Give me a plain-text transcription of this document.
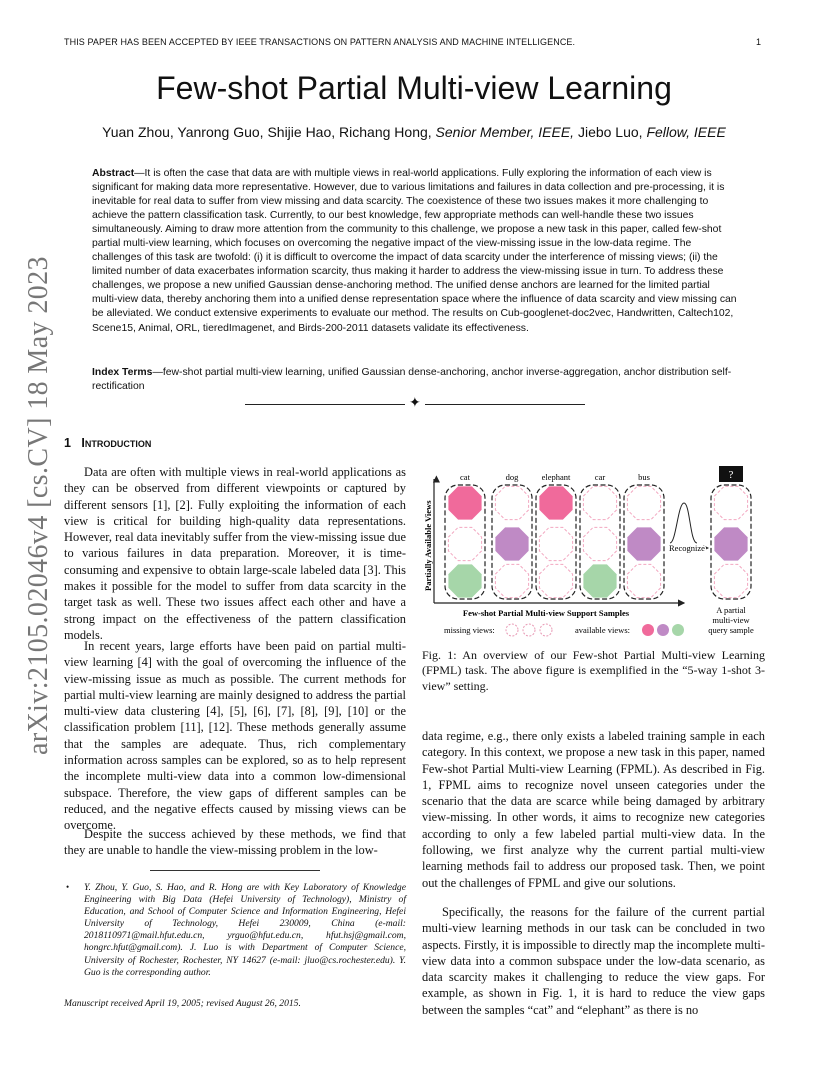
THIS PAPER HAS BEEN ACCEPTED BY IEEE TRANSACTIONS ON PATTERN ANALYSIS AND MACHINE INTELLIGENCE.	1
Few-shot Partial Multi-view Learning
Yuan Zhou, Yanrong Guo, Shijie Hao, Richang Hong, Senior Member, IEEE, Jiebo Luo, Fellow, IEEE
Abstract—It is often the case that data are with multiple views in real-world applications. Fully exploring the information of each view is significant for making data more representative. However, due to various limitations and failures in data collection and pre-processing, it is inevitable for real data to suffer from view missing and data scarcity. The coexistence of these two issues makes it more challenging to achieve the pattern classification task. Currently, to our best knowledge, few appropriate methods can well-handle these two issues simultaneously. Aiming to draw more attention from the community to this challenge, we propose a new task in this paper, called few-shot partial multi-view learning, which focuses on overcoming the negative impact of the view-missing issue in the low-data regime. The challenges of this task are twofold: (i) it is difficult to overcome the impact of data scarcity under the interference of missing views; (ii) the limited number of data exacerbates information scarcity, thus making it harder to address the view-missing issue in turn. To address these challenges, we propose a new unified Gaussian dense-anchoring method. The unified dense anchors are learned for the limited partial multi-view data, thereby anchoring them into a unified dense representation space where the influence of data scarcity and view missing can be alleviated. We conduct extensive experiments to evaluate our method. The results on Cub-googlenet-doc2vec, Handwritten, Caltech102, Scene15, Animal, ORL, tieredImagenet, and Birds-200-2011 datasets validate its effectiveness.
Index Terms—few-shot partial multi-view learning, unified Gaussian dense-anchoring, anchor inverse-aggregation, anchor distribution self-rectification
✦
arXiv:2105.02046v4 [cs.CV] 18 May 2023 1 Introduction
Data are often with multiple views in real-world applications as they can be observed from different viewpoints or captured by different sensors [1], [2]. Fully exploiting the information of each view is critical for building high-quality data representations. However, real data inevitably suffer from the view-missing issue due to various failures in data preparation. Moreover, it is time-consuming and expensive to obtain large-scale labeled data [3]. This makes it possible for the model to suffer from data scarcity in the target task as well. These two issues affect each other and have a strong impact on the effectiveness of the pattern classification models.
In recent years, large efforts have been paid on partial multi-view learning [4] with the goal of overcoming the influence of the view-missing issue as much as possible. The current methods for partial multi-view learning are mainly designed to address the partial multi-view data clustering [4], [5], [6], [7], [8], [9], [10] or the classification problem [11], [12]. These methods generally assume that the samples are adequate. Thus, rich complementary information across samples can be explored, so as to help represent the incomplete multi-view data into a common low-dimensional subspace. Therefore, the view gaps of different samples can be reduced, and the negative effects caused by missing views can be overcome.
Despite the success achieved by these methods, we find that they are unable to handle the view-missing problem in the low-
•	Y. Zhou, Y. Guo, S. Hao, and R. Hong are with Key Laboratory of Knowledge Engineering with Big Data (Hefei University of Technology), Ministry of Education, and School of Computer Science and Information Engineering, Hefei University of Technology, Hefei 230009, China (e-mail: 2018110971@mail.hfut.edu.cn, yrguo@hfut.edu.cn, hfut.hsj@gmail.com, hongrc.hfut@gmail.com). J. Luo is with Department of Computer Science, University of Rochester, Rochester, NY 14627 (e-mail: jluo@cs.rochester.edu). Y. Guo is the corresponding author.
Manuscript received April 19, 2005; revised August 26, 2015.
cat	dog	elephant	car	bus	?
Partially Available Views
Few-shot Partial Multi-view Support Samples
Recognize
A partial
multi-view
query sample
missing views:	available views:
Fig. 1: An overview of our Few-shot Partial Multi-view Learning (FPML) task. The above figure is exemplified in the “5-way 1-shot 3-view” setting.
data regime, e.g., there only exists a labeled training sample in each category. In this context, we propose a new task in this paper, named Few-shot Partial Multi-view Learning (FPML). As described in Fig. 1, FPML aims to recognize novel unseen categories under the scenario that the data are scarce while being damaged by arbitrary view-missing. In other words, it aims to recognize new categories according to only a few labeled partial multi-view data. In the following, we first analyze why the current partial multi-view learning methods fail to address our proposed task. Then, we point out the challenges of FPML and give our solutions.
Specifically, the reasons for the failure of the current partial multi-view learning methods in our task can be concluded in two aspects. Firstly, it is impossible to directly map the incomplete multi-view data into a common subspace under the low-data scenario, as data scarcity makes it challenging to reduce the view gaps. For example, as shown in Fig. 1, it is hard to reduce the view gaps between the samples “cat” and “elephant” as there is no
